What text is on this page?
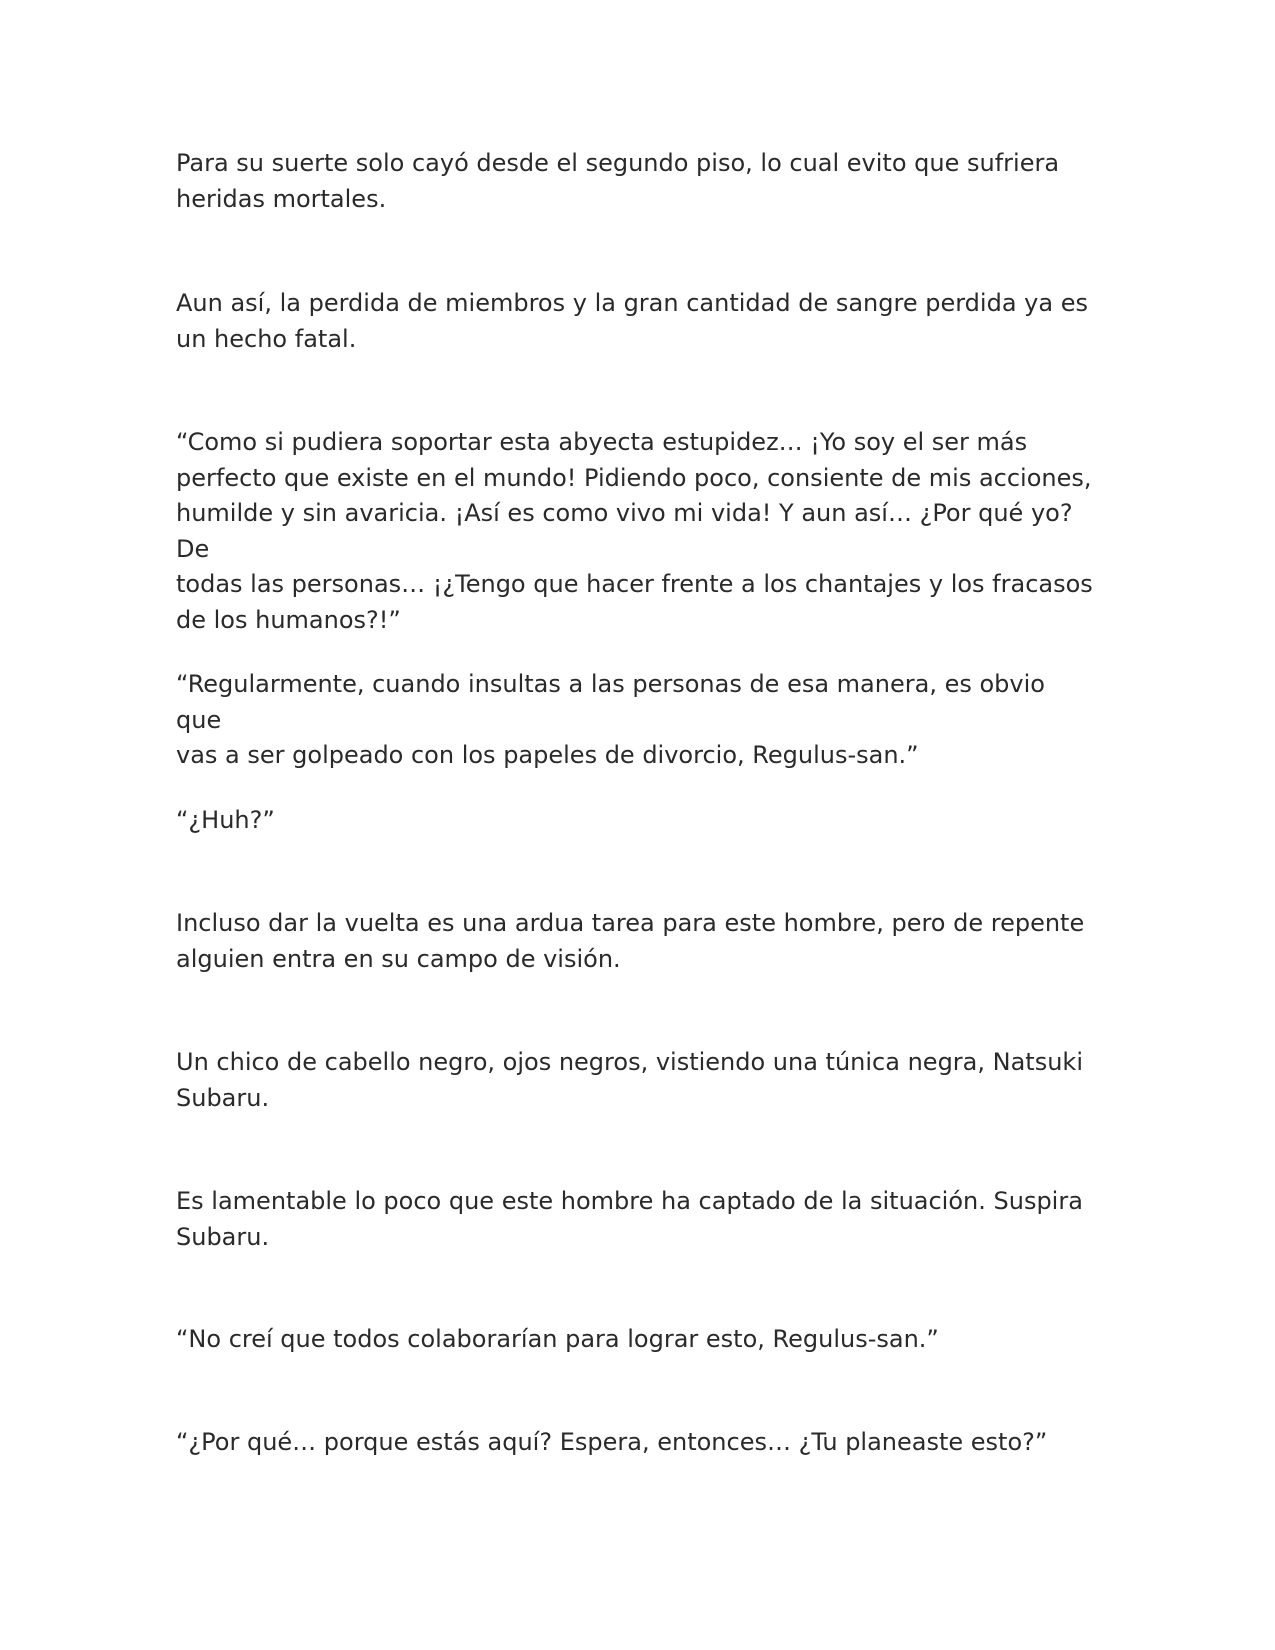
Para su suerte solo cayó desde el segundo piso, lo cual evito que sufriera
heridas mortales.

Aun así, la perdida de miembros y la gran cantidad de sangre perdida ya es
un hecho fatal.

“Como si pudiera soportar esta abyecta estupidez… ¡Yo soy el ser más
perfecto que existe en el mundo! Pidiendo poco, consiente de mis acciones,
humilde y sin avaricia. ¡Así es como vivo mi vida! Y aun así… ¿Por qué yo? De
todas las personas… ¡¿Tengo que hacer frente a los chantajes y los fracasos
de los humanos?!”

“Regularmente, cuando insultas a las personas de esa manera, es obvio que
vas a ser golpeado con los papeles de divorcio, Regulus-san.”

“¿Huh?”

Incluso dar la vuelta es una ardua tarea para este hombre, pero de repente
alguien entra en su campo de visión.

Un chico de cabello negro, ojos negros, vistiendo una túnica negra, Natsuki
Subaru.

Es lamentable lo poco que este hombre ha captado de la situación. Suspira
Subaru.

“No creí que todos colaborarían para lograr esto, Regulus-san.”

“¿Por qué… porque estás aquí? Espera, entonces… ¿Tu planeaste esto?”
